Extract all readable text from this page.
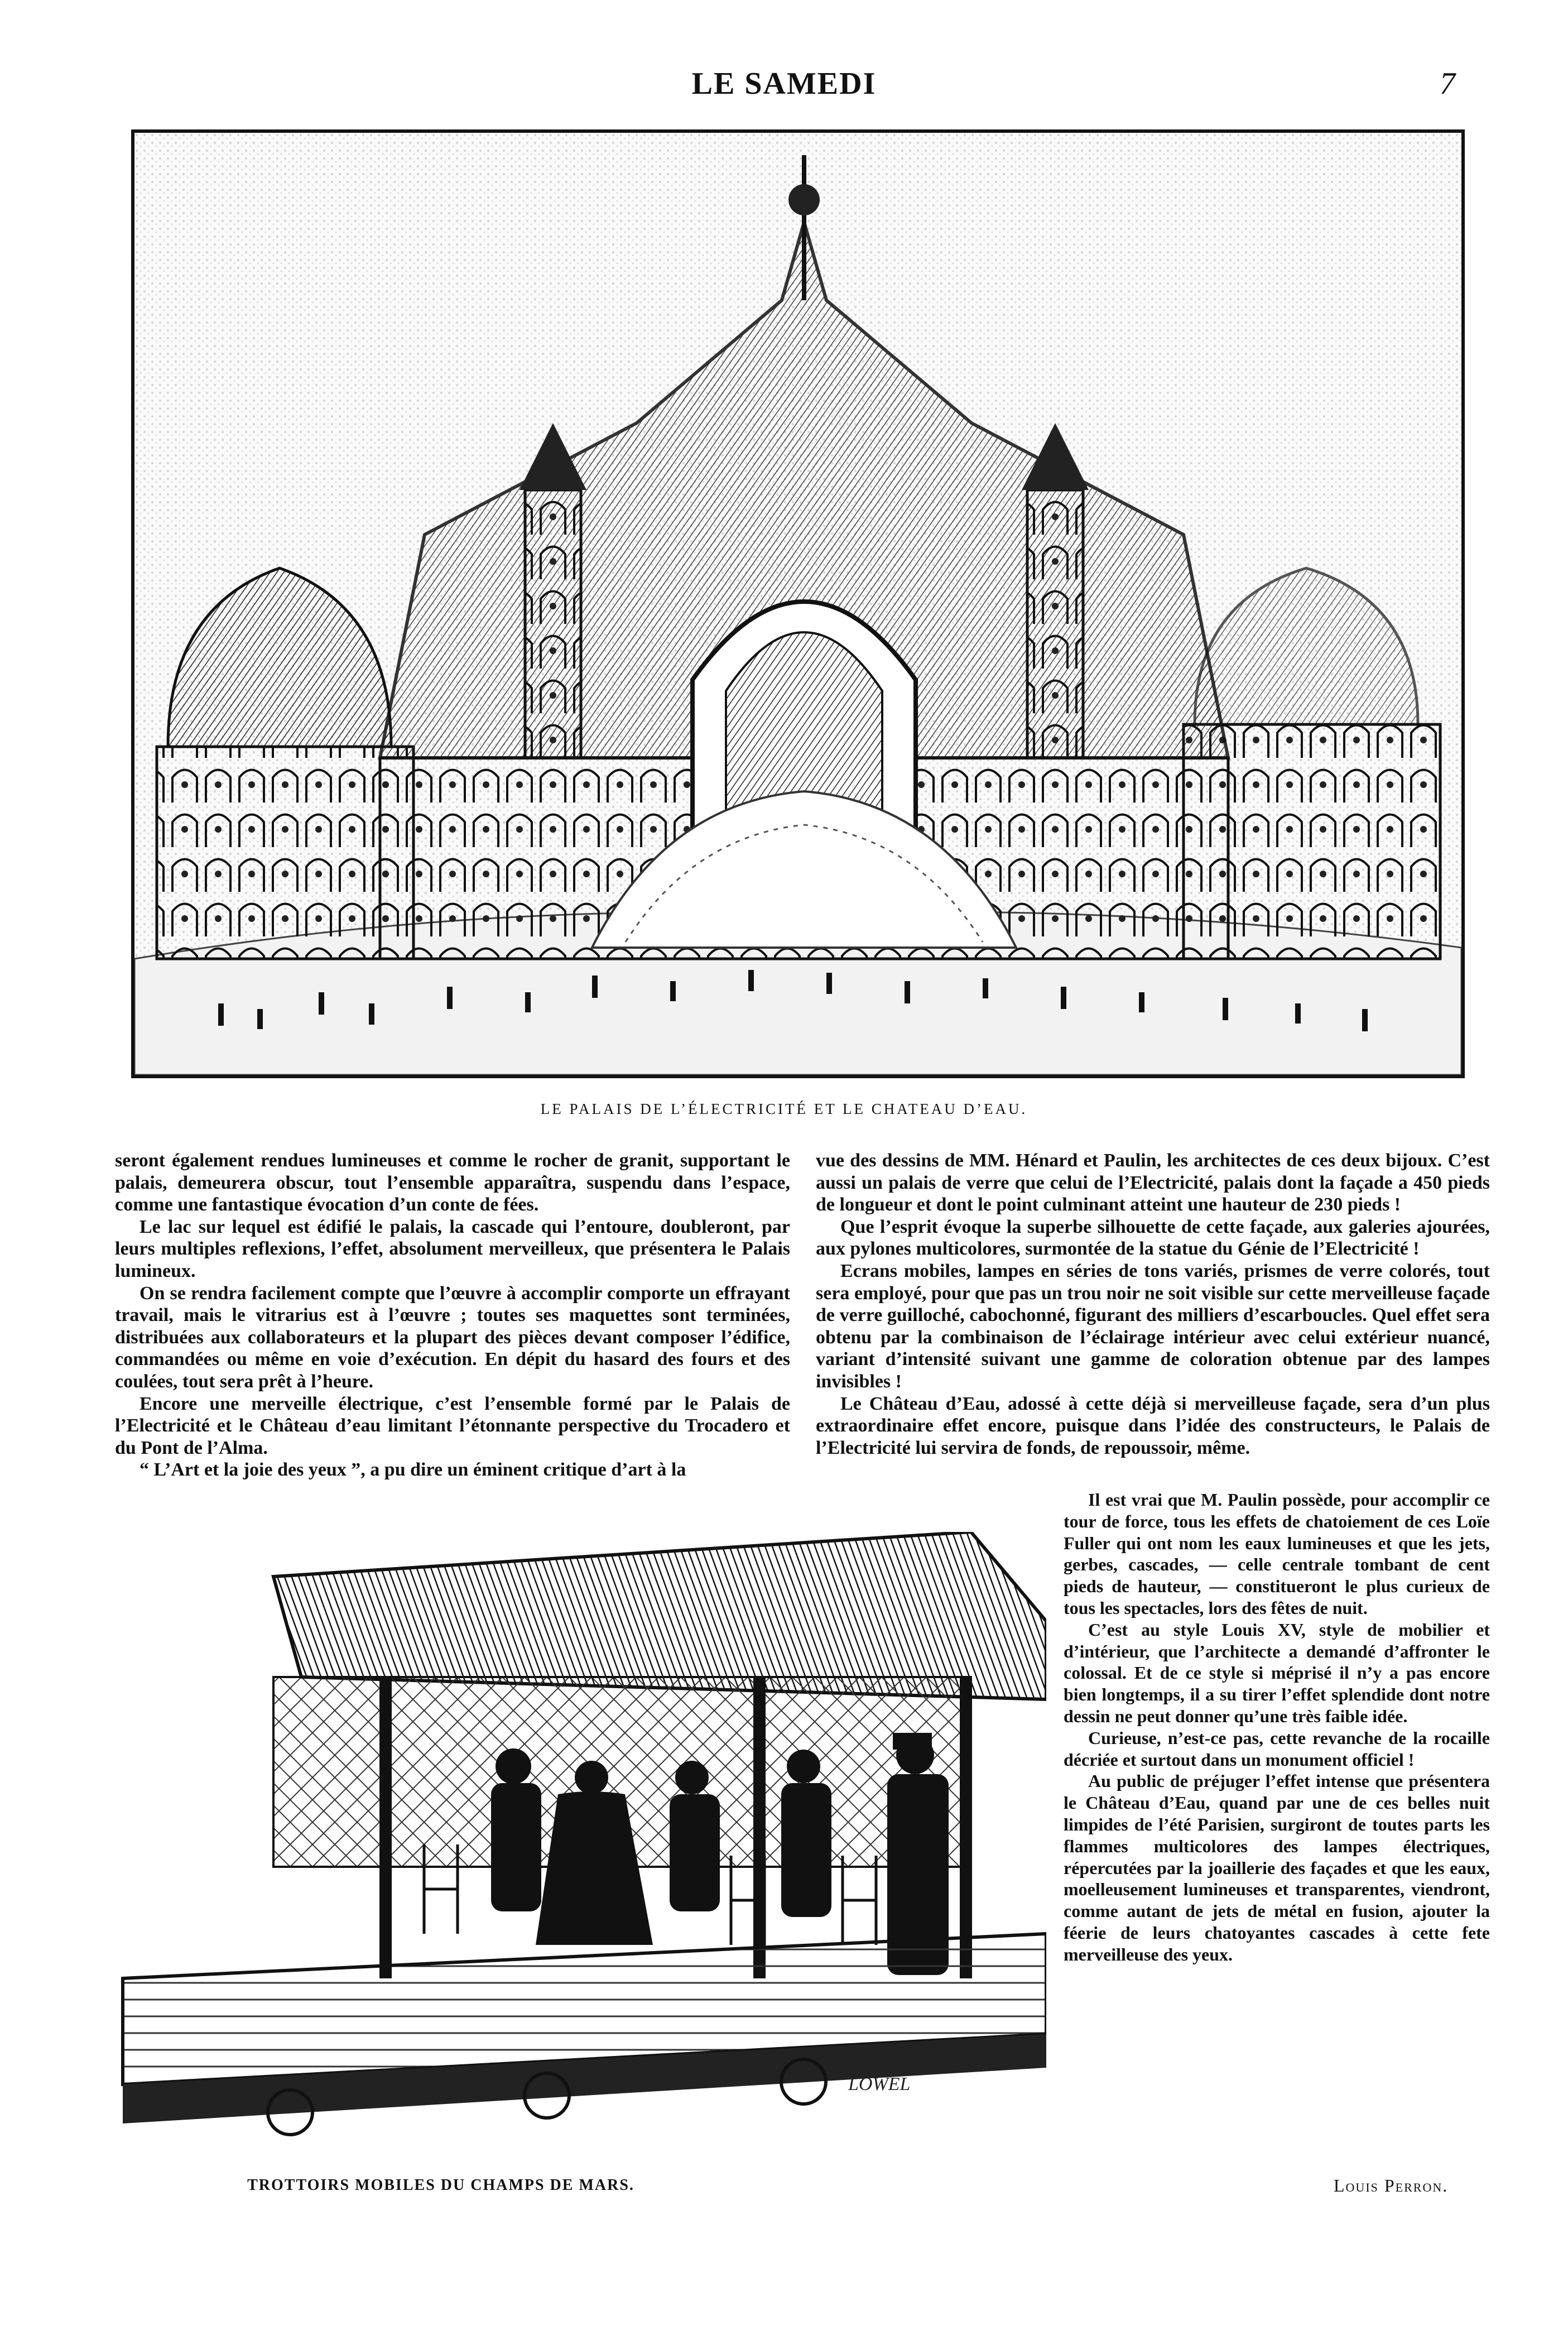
LE SAMEDI	7
LE PALAIS DE L’ÉLECTRICITÉ ET LE CHATEAU D’EAU.

seront également rendues lumineuses et comme le rocher de granit, supportant le palais, demeurera obscur, tout l’ensemble apparaîtra, suspendu dans l’espace, comme une fantastique évocation d’un conte de fées.

Le lac sur lequel est édifié le palais, la cascade qui l’entoure, doubleront, par leurs multiples reflexions, l’effet, absolument merveilleux, que présentera le Palais lumineux.

On se rendra facilement compte que l’œuvre à accomplir comporte un effrayant travail, mais le vitrarius est à l’œuvre ; toutes ses maquettes sont terminées, distribuées aux collaborateurs et la plupart des pièces devant composer l’édifice, commandées ou même en voie d’exécution. En dépit du hasard des fours et des coulées, tout sera prêt à l’heure.

Encore une merveille électrique, c’est l’ensemble formé par le Palais de l’Electricité et le Château d’eau limitant l’étonnante perspective du Trocadero et du Pont de l’Alma.

“ L’Art et la joie des yeux ”, a pu dire un éminent critique d’art à la

vue des dessins de MM. Hénard et Paulin, les architectes de ces deux bijoux. C’est aussi un palais de verre que celui de l’Electricité, palais dont la façade a 450 pieds de longueur et dont le point culminant atteint une hauteur de 230 pieds !

Que l’esprit évoque la superbe silhouette de cette façade, aux galeries ajourées, aux pylones multicolores, surmontée de la statue du Génie de l’Electricité !

Ecrans mobiles, lampes en séries de tons variés, prismes de verre colorés, tout sera employé, pour que pas un trou noir ne soit visible sur cette merveilleuse façade de verre guilloché, cabochonné, figurant des milliers d’escarboucles. Quel effet sera obtenu par la combinaison de l’éclairage intérieur avec celui extérieur nuancé, variant d’intensité suivant une gamme de coloration obtenue par des lampes invisibles !

Le Château d’Eau, adossé à cette déjà si merveilleuse façade, sera d’un plus extraordinaire effet encore, puisque dans l’idée des constructeurs, le Palais de l’Electricité lui servira de fonds, de repoussoir, même.

LOWEL

Il est vrai que M. Paulin possède, pour accomplir ce tour de force, tous les effets de chatoiement de ces Loïe Fuller qui ont nom les eaux lumineuses et que les jets, gerbes, cascades, — celle centrale tombant de cent pieds de hauteur, — constitueront le plus curieux de tous les spectacles, lors des fêtes de nuit.

C’est au style Louis XV, style de mobilier et d’intérieur, que l’architecte a demandé d’affronter le colossal. Et de ce style si méprisé il n’y a pas encore bien longtemps, il a su tirer l’effet splendide dont notre dessin ne peut donner qu’une très faible idée.

Curieuse, n’est-ce pas, cette revanche de la rocaille décriée et surtout dans un monument officiel !

Au public de préjuger l’effet intense que présentera le Château d’Eau, quand par une de ces belles nuit limpides de l’été Parisien, surgiront de toutes parts les flammes multicolores des lampes électriques, répercutées par la joaillerie des façades et que les eaux, moelleusement lumineuses et transparentes, viendront, comme autant de jets de métal en fusion, ajouter la féerie de leurs chatoyantes cascades à cette fete merveilleuse des yeux.

TROTTOIRS MOBILES DU CHAMPS DE MARS.	Louis Perron.
